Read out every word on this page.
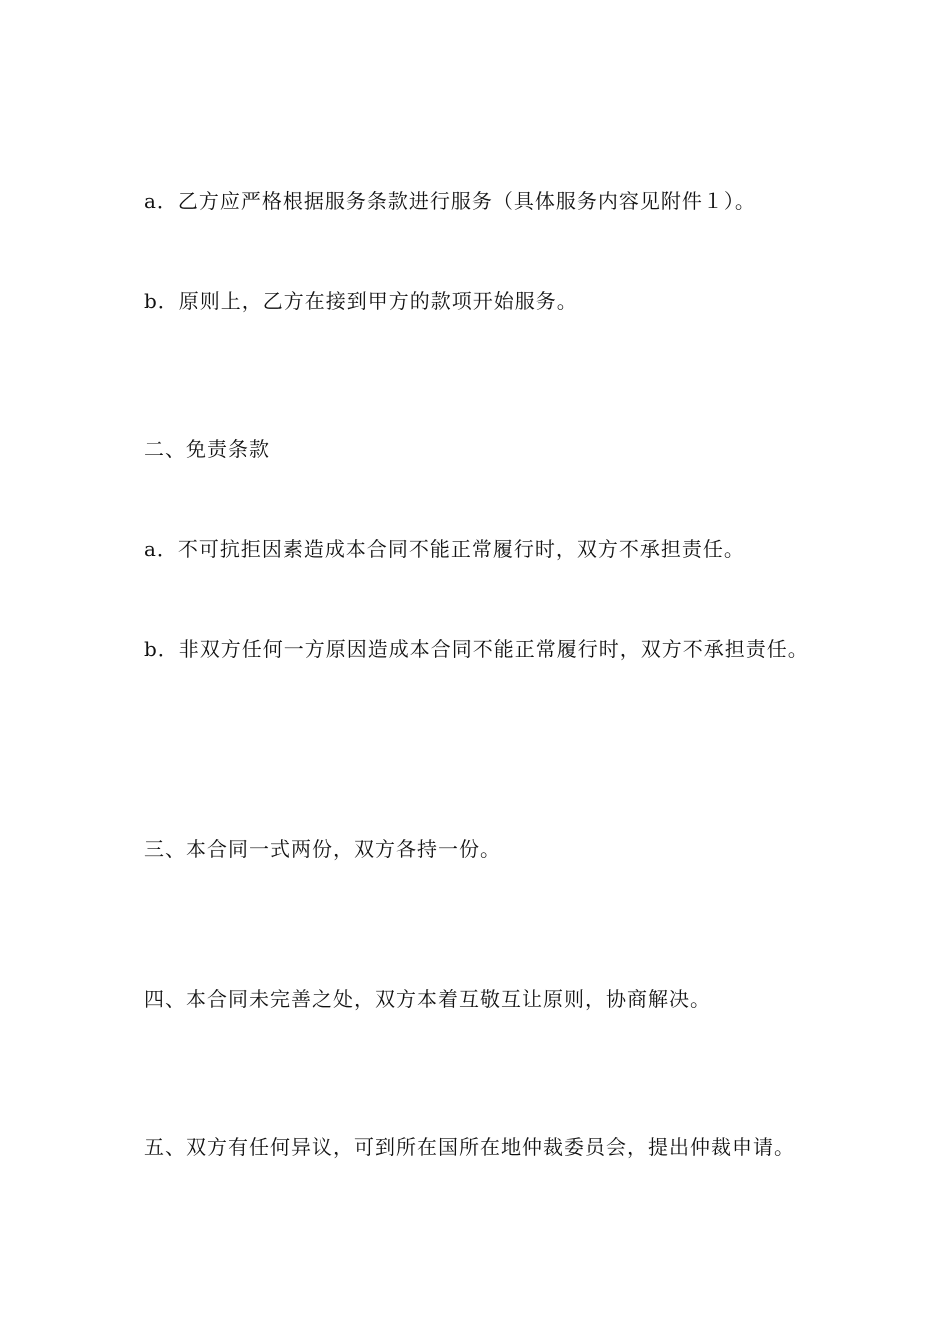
a．乙方应严格根据服务条款进行服务（具体服务内容见附件１）。

b．原则上，乙方在接到甲方的款项开始服务。

二、免责条款

a．不可抗拒因素造成本合同不能正常履行时，双方不承担责任。

b．非双方任何一方原因造成本合同不能正常履行时，双方不承担责任。

三、本合同一式两份，双方各持一份。

四、本合同未完善之处，双方本着互敬互让原则，协商解决。

五、双方有任何异议，可到所在国所在地仲裁委员会，提出仲裁申请。
